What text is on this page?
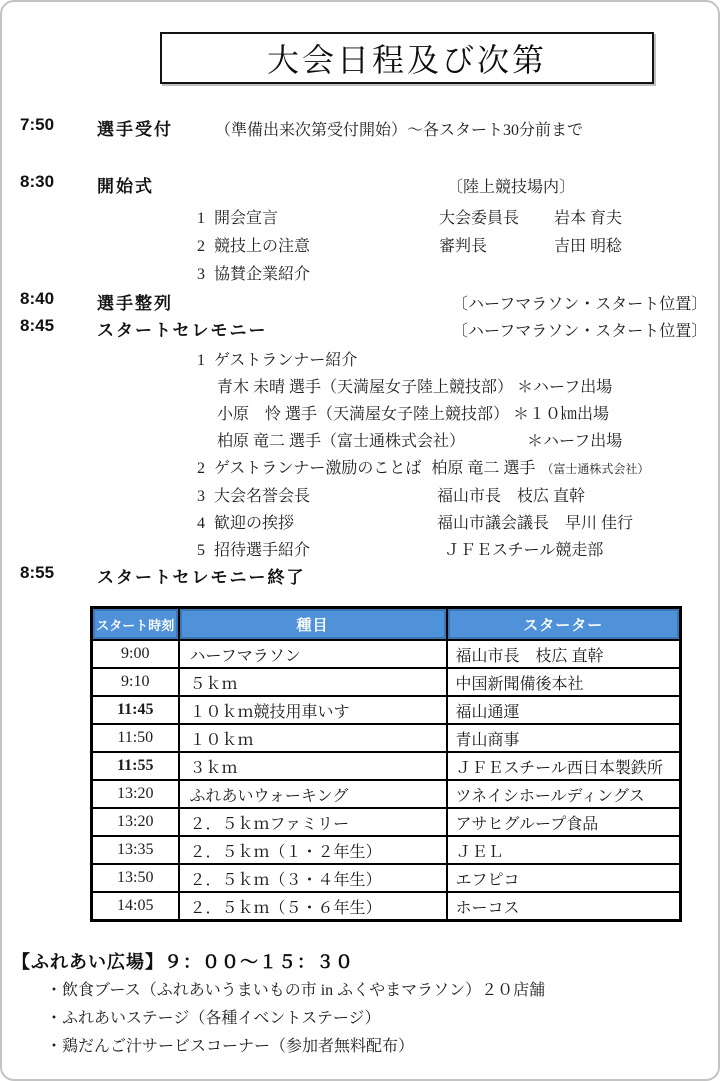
大会日程及び次第
7:50	選手受付	（準備出来次第受付開始）～各スタート30分前まで
8:30	開始式	〔陸上競技場内〕
1 開会宣言	大会委員長 岩本 育夫
2 競技上の注意	審判長	吉田 明稔
3 協賛企業紹介
8:40	選手整列	〔ハーフマラソン・スタート位置〕
8:45	スタートセレモニー	〔ハーフマラソン・スタート位置〕
1 ゲストランナー紹介
青木 未晴 選手（天満屋女子陸上競技部） ＊ハーフ出場
小原　怜 選手（天満屋女子陸上競技部） ＊１０㎞出場
柏原 竜二 選手（富士通株式会社）	＊ハーフ出場
2 ゲストランナー激励のことば 柏原 竜二 選手 （富士通株式会社）
3 大会名誉会長	福山市長　枝広 直幹
4 歓迎の挨拶	福山市議会議長　早川 佳行
5 招待選手紹介	ＪＦＥスチール競走部
8:55	スタートセレモニー終了
スタート時刻	種目	スターター
9:00	ハーフマラソン	福山市長　枝広 直幹
9:10	５ｋｍ	中国新聞備後本社
11:45	１０ｋｍ競技用車いす	福山通運
11:50	１０ｋｍ	青山商事
11:55	３ｋｍ	ＪＦＥスチール西日本製鉄所
13:20	ふれあいウォーキング	ツネイシホールディングス
13:20	２．５ｋｍファミリー	アサヒグループ食品
13:35	２．５ｋｍ（１・２年生）	ＪＥＬ
13:50	２．５ｋｍ（３・４年生）	エフピコ
14:05	２．５ｋｍ（５・６年生）	ホーコス
【ふれあい広場】９：００～１５：３０
・飲食ブース（ふれあいうまいもの市 in ふくやまマラソン）２０店舗
・ふれあいステージ（各種イベントステージ）
・鶏だんご汁サービスコーナー（参加者無料配布）
